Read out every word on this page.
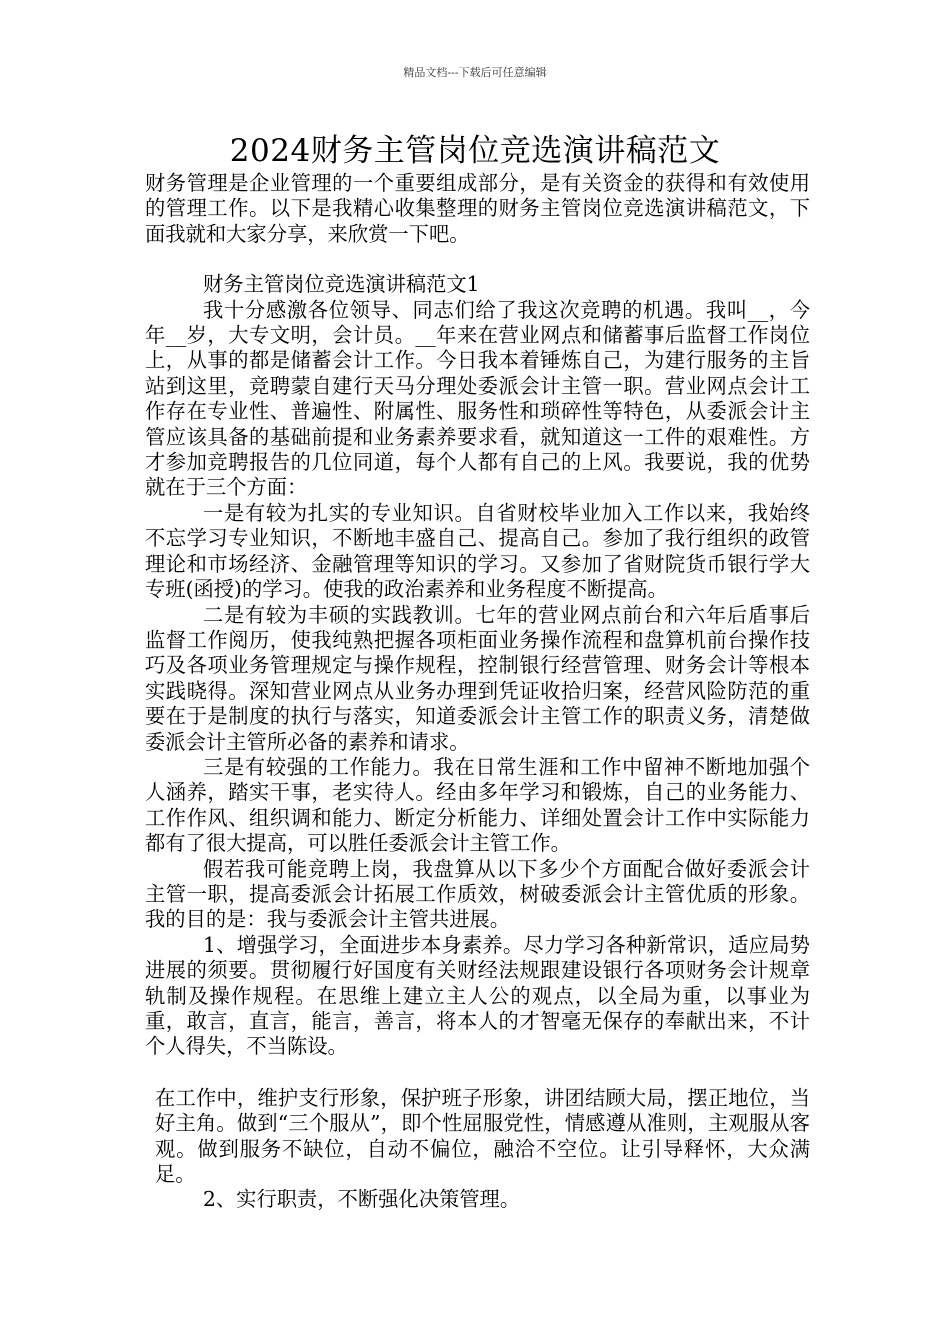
精品文档---下载后可任意编辑
2024财务主管岗位竞选演讲稿范文

财务管理是企业管理的一个重要组成部分，是有关资金的获得和有效使用的管理工作。以下是我精心收集整理的财务主管岗位竞选演讲稿范文，下面我就和大家分享，来欣赏一下吧。

财务主管岗位竞选演讲稿范文1

我十分感激各位领导、同志们给了我这次竞聘的机遇。我叫__，今年__岁，大专文明，会计员。__年来在营业网点和储蓄事后监督工作岗位上，从事的都是储蓄会计工作。今日我本着锤炼自己，为建行服务的主旨站到这里，竞聘蒙自建行天马分理处委派会计主管一职。营业网点会计工作存在专业性、普遍性、附属性、服务性和琐碎性等特色，从委派会计主管应该具备的基础前提和业务素养要求看，就知道这一工件的艰难性。方才参加竞聘报告的几位同道，每个人都有自己的上风。我要说，我的优势就在于三个方面：

一是有较为扎实的专业知识。自省财校毕业加入工作以来，我始终不忘学习专业知识，不断地丰盛自己、提高自己。参加了我行组织的政管理论和市场经济、金融管理等知识的学习。又参加了省财院货币银行学大专班(函授)的学习。使我的政治素养和业务程度不断提高。

二是有较为丰硕的实践教训。七年的营业网点前台和六年后盾事后监督工作阅历，使我纯熟把握各项柜面业务操作流程和盘算机前台操作技巧及各项业务管理规定与操作规程，控制银行经营管理、财务会计等根本实践晓得。深知营业网点从业务办理到凭证收拾归案，经营风险防范的重要在于是制度的执行与落实，知道委派会计主管工作的职责义务，清楚做委派会计主管所必备的素养和请求。

三是有较强的工作能力。我在日常生涯和工作中留神不断地加强个人涵养，踏实干事，老实待人。经由多年学习和锻炼，自己的业务能力、工作作风、组织调和能力、断定分析能力、详细处置会计工作中实际能力都有了很大提高，可以胜任委派会计主管工作。

假若我可能竞聘上岗，我盘算从以下多少个方面配合做好委派会计主管一职，提高委派会计拓展工作质效，树破委派会计主管优质的形象。我的目的是：我与委派会计主管共进展。

1、增强学习，全面进步本身素养。尽力学习各种新常识，适应局势进展的须要。贯彻履行好国度有关财经法规跟建设银行各项财务会计规章轨制及操作规程。在思维上建立主人公的观点，以全局为重，以事业为重，敢言，直言，能言，善言，将本人的才智毫无保存的奉献出来，不计个人得失，不当陈设。

在工作中，维护支行形象，保护班子形象，讲团结顾大局，摆正地位，当好主角。做到“三个服从”，即个性屈服党性，情感遵从准则，主观服从客观。做到服务不缺位，自动不偏位，融洽不空位。让引导释怀，大众满足。

2、实行职责，不断强化决策管理。
